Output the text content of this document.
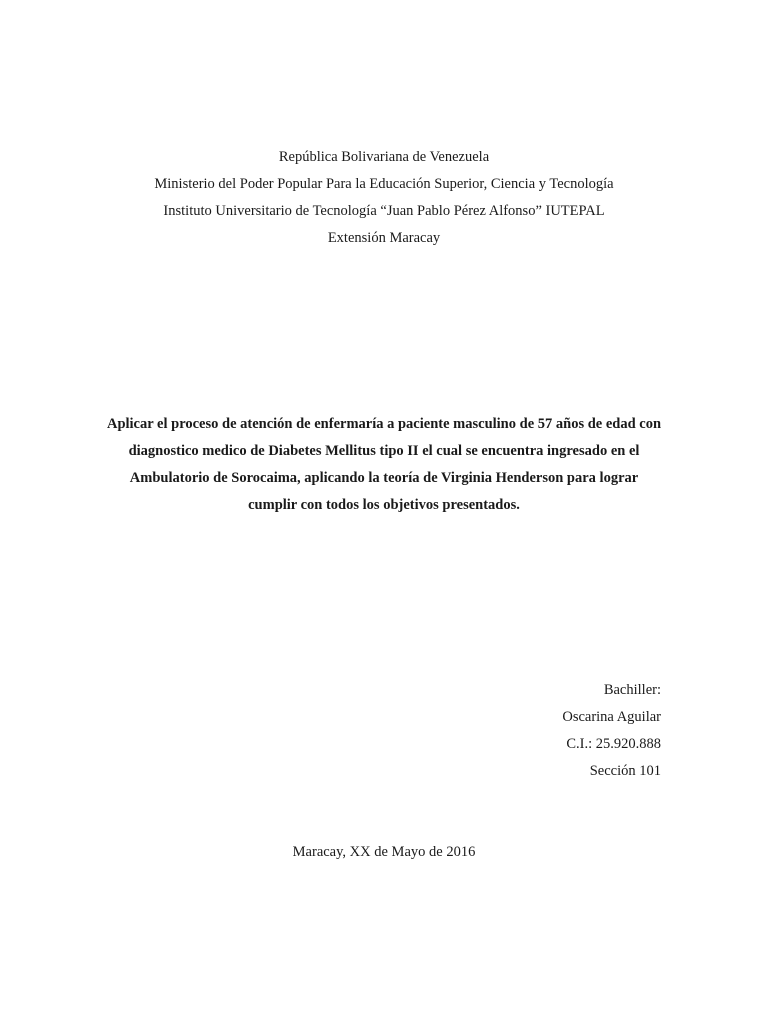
República Bolivariana de Venezuela
Ministerio del Poder Popular Para la Educación Superior, Ciencia y Tecnología
Instituto Universitario de Tecnología “Juan Pablo Pérez Alfonso” IUTEPAL
Extensión Maracay
Aplicar el proceso de atención de enfermaría a paciente masculino de 57 años de edad con diagnostico medico de Diabetes Mellitus tipo II el cual se encuentra ingresado en el Ambulatorio de Sorocaima, aplicando la teoría de Virginia Henderson para lograr cumplir con todos los objetivos presentados.
Bachiller:
Oscarina Aguilar
C.I.: 25.920.888
Sección 101
Maracay, XX de Mayo de 2016
